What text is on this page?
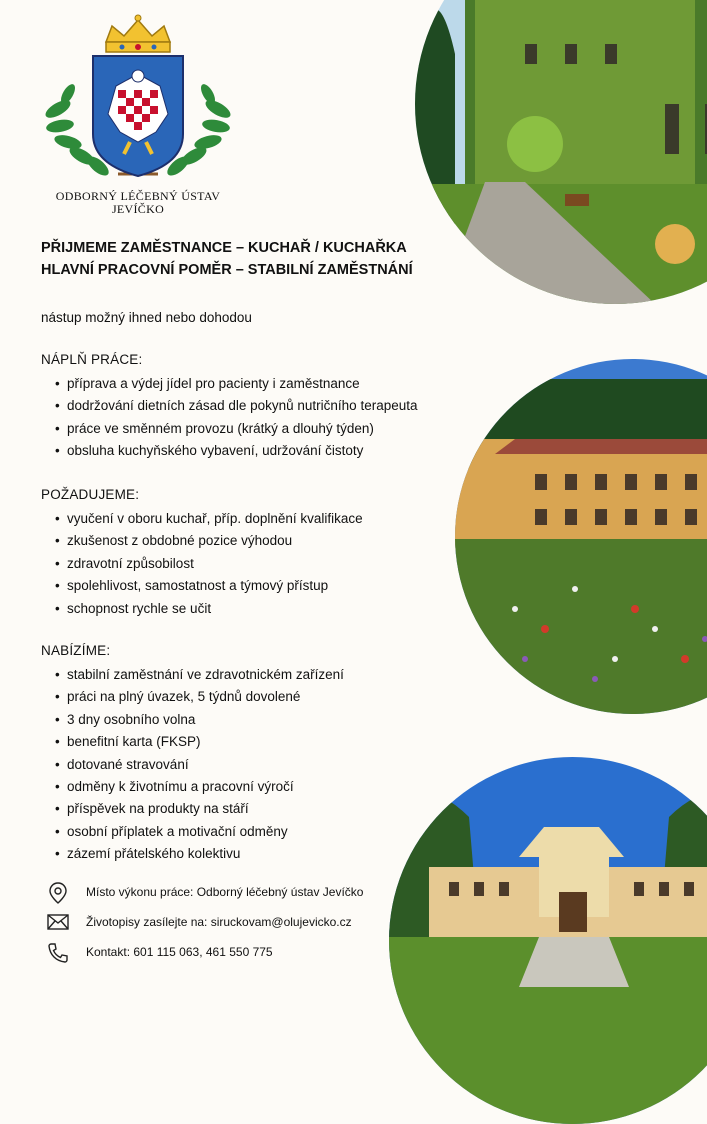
ODBORNÝ LÉČEBNÝ ÚSTAV
JEVÍČKO
PŘIJMEME ZAMĚSTNANCE – KUCHAŘ / KUCHAŘKA
HLAVNÍ PRACOVNÍ POMĚR – STABILNÍ ZAMĚSTNÁNÍ
nástup možný ihned nebo dohodou
NÁPLŇ PRÁCE:
• příprava a výdej jídel pro pacienty i zaměstnance
• dodržování dietních zásad dle pokynů nutričního terapeuta
• práce ve směnném provozu (krátký a dlouhý týden)
• obsluha kuchyňského vybavení, udržování čistoty
POŽADUJEME:
• vyučení v oboru kuchař, příp. doplnění kvalifikace
• zkušenost z obdobné pozice výhodou
• zdravotní způsobilost
• spolehlivost, samostatnost a týmový přístup
• schopnost rychle se učit
NABÍZÍME:
• stabilní zaměstnání ve zdravotnickém zařízení
• práci na plný úvazek, 5 týdnů dovolené
• 3 dny osobního volna
• benefitní karta (FKSP)
• dotované stravování
• odměny k životnímu a pracovní výročí
• příspěvek na produkty na stáří
• osobní příplatek a motivační odměny
• zázemí přátelského kolektivu
Místo výkonu práce: Odborný léčebný ústav Jevíčko
Životopisy zasílejte na: siruckovam@olujevicko.cz
Kontakt: 601 115 063, 461 550 775
